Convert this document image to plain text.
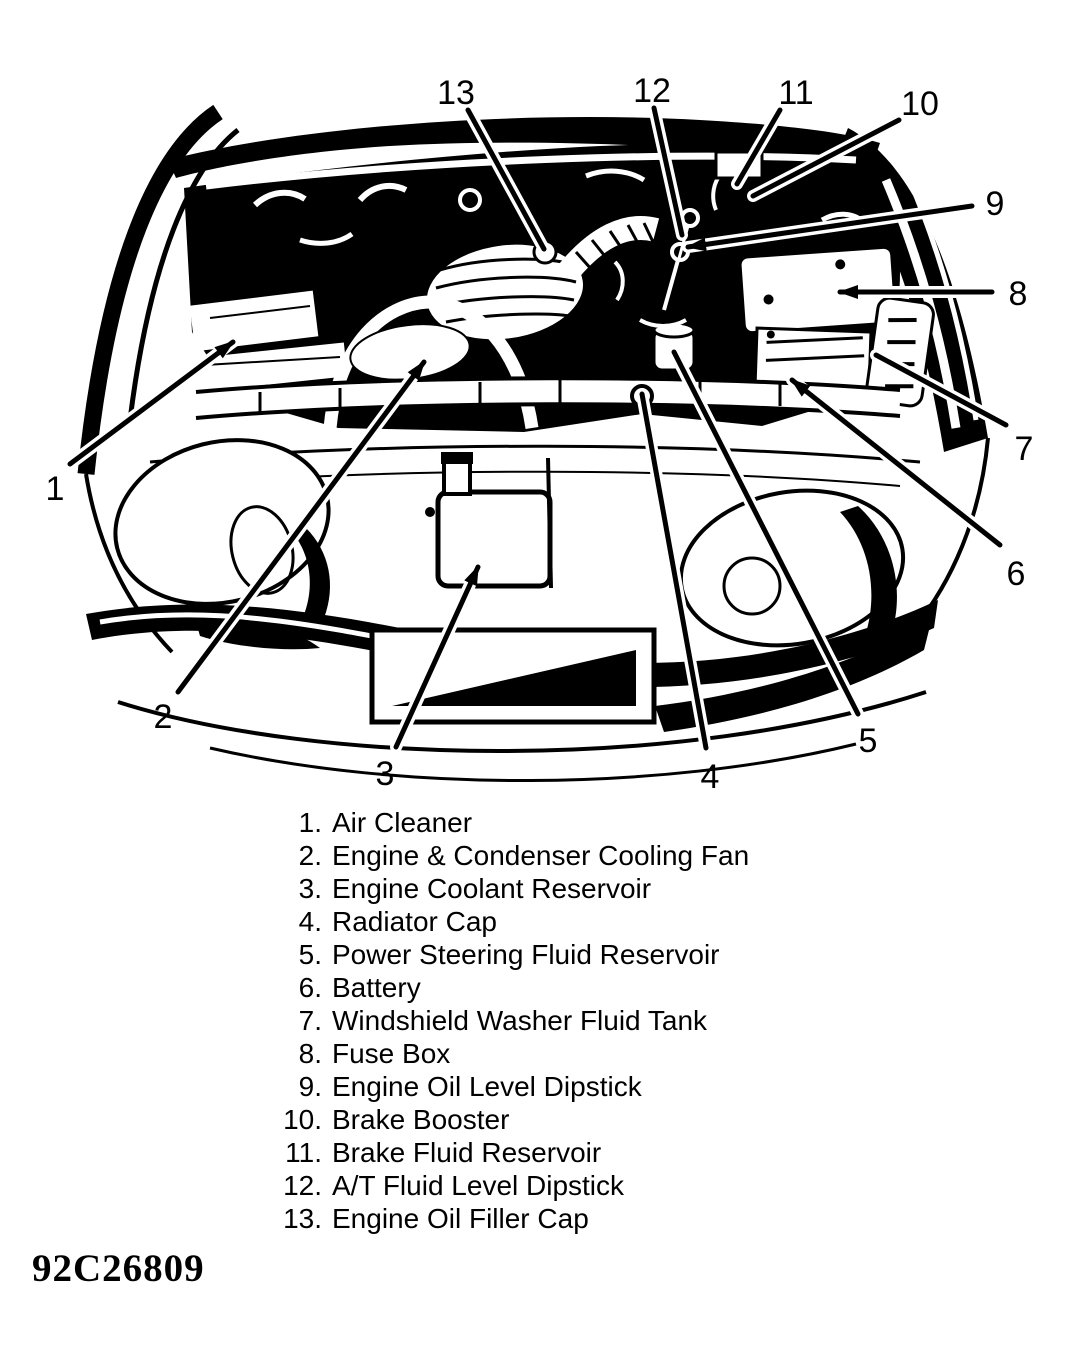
1
2
3	4
5
6
7
8
9
10
11
12
13
1. Air Cleaner
2. Engine & Condenser Cooling Fan
3. Engine Coolant Reservoir
4. Radiator Cap
5. Power Steering Fluid Reservoir
6. Battery
7. Windshield Washer Fluid Tank
8. Fuse Box
9. Engine Oil Level Dipstick
10. Brake Booster
11. Brake Fluid Reservoir
12. A/T Fluid Level Dipstick
13. Engine Oil Filler Cap
92C26809
